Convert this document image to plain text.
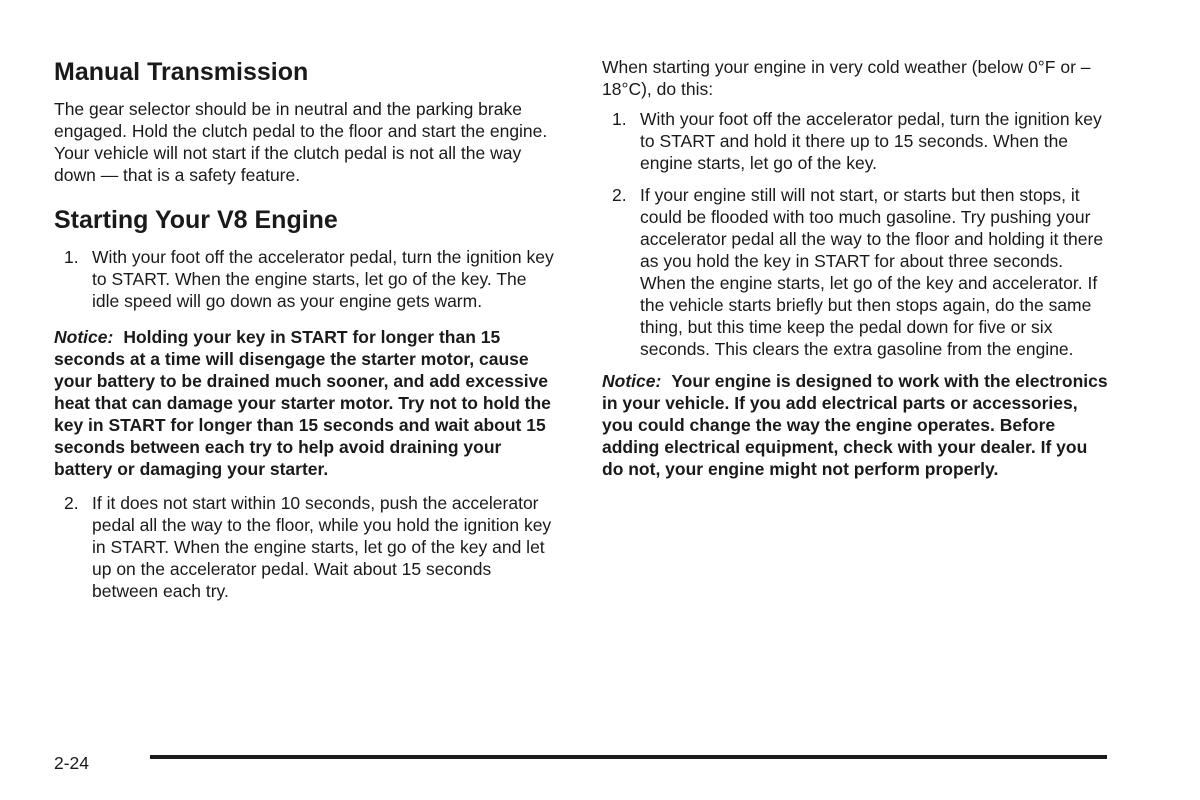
Manual Transmission

The gear selector should be in neutral and the parking brake engaged. Hold the clutch pedal to the floor and start the engine. Your vehicle will not start if the clutch pedal is not all the way down — that is a safety feature.

Starting Your V8 Engine
1. With your foot off the accelerator pedal, turn the ignition key to START. When the engine starts, let go of the key. The idle speed will go down as your engine gets warm.
Notice: Holding your key in START for longer than 15 seconds at a time will disengage the starter motor, cause your battery to be drained much sooner, and add excessive heat that can damage your starter motor. Try not to hold the key in START for longer than 15 seconds and wait about 15 seconds between each try to help avoid draining your battery or damaging your starter.
2. If it does not start within 10 seconds, push the accelerator pedal all the way to the floor, while you hold the ignition key in START. When the engine starts, let go of the key and let up on the accelerator pedal. Wait about 15 seconds between each try.

When starting your engine in very cold weather (below 0°F or –18°C), do this:

1. With your foot off the accelerator pedal, turn the ignition key to START and hold it there up to 15 seconds. When the engine starts, let go of the key.
2. If your engine still will not start, or starts but then stops, it could be flooded with too much gasoline. Try pushing your accelerator pedal all the way to the floor and holding it there as you hold the key in START for about three seconds. When the engine starts, let go of the key and accelerator. If the vehicle starts briefly but then stops again, do the same thing, but this time keep the pedal down for five or six seconds. This clears the extra gasoline from the engine.
Notice: Your engine is designed to work with the electronics in your vehicle. If you add electrical parts or accessories, you could change the way the engine operates. Before adding electrical equipment, check with your dealer. If you do not, your engine might not perform properly.
2-24
